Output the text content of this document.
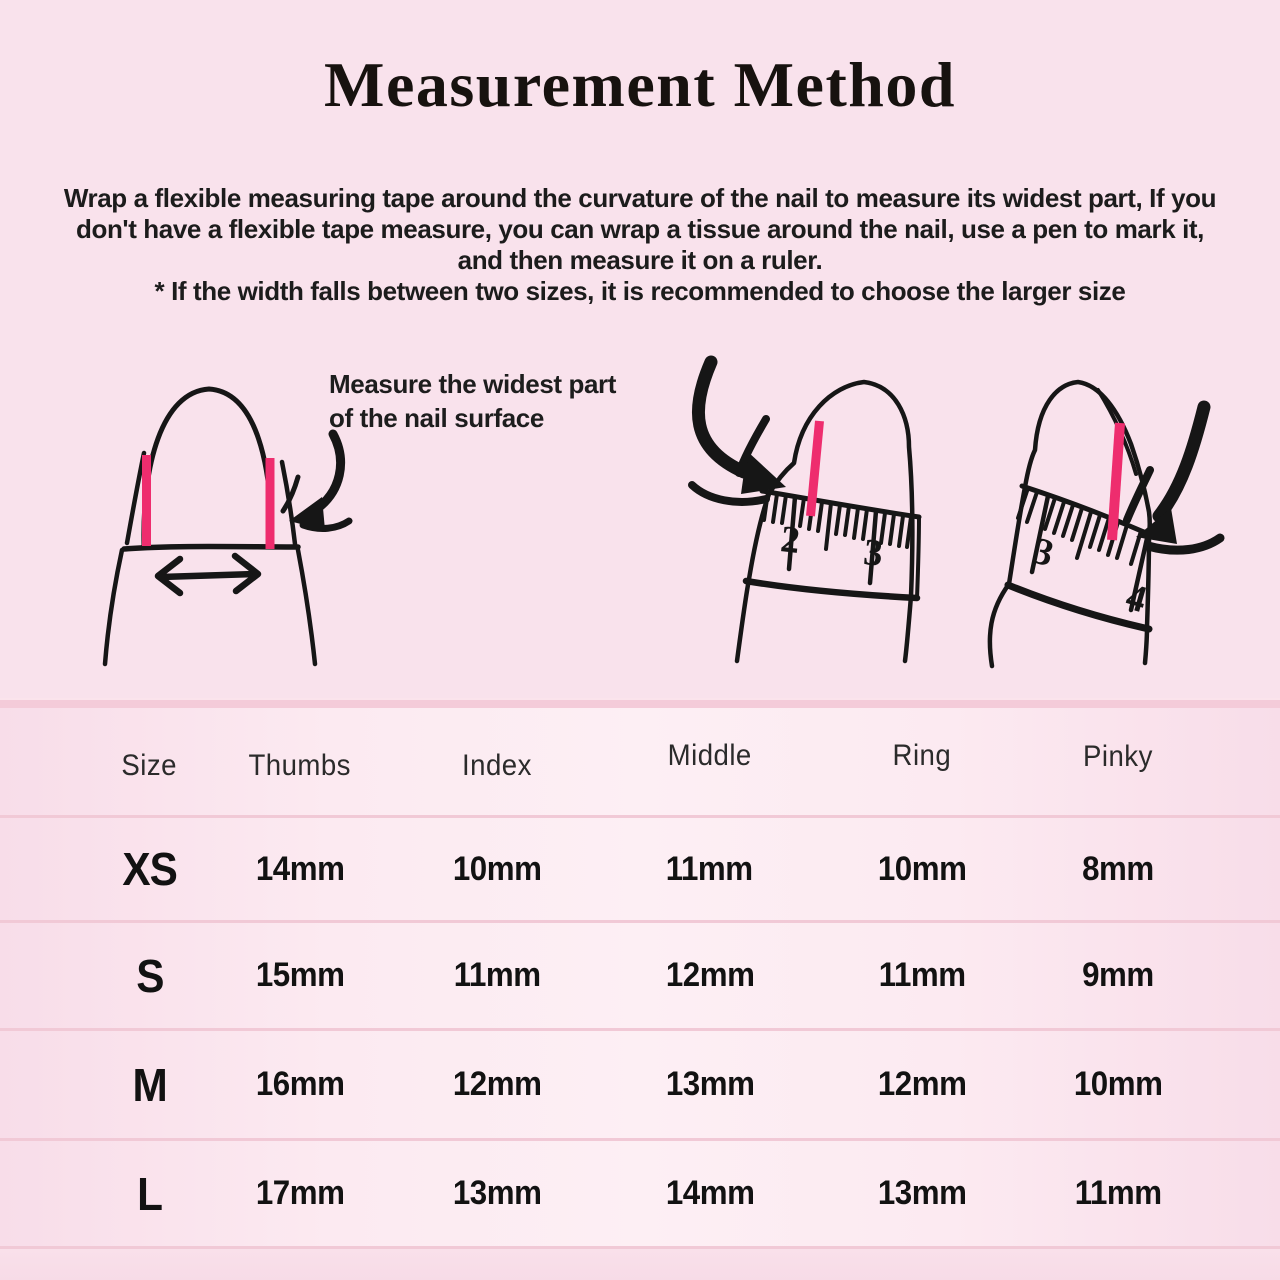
Measurement Method
Wrap a flexible measuring tape around the curvature of the nail to measure its widest part, If you
don't have a flexible tape measure, you can wrap a tissue around the nail, use a pen to mark it,
and then measure it on a ruler.
* If the width falls between two sizes, it is recommended to choose the larger size
Measure the widest part
of the nail surface
2 3	3
4
Size	Thumbs	Index	Middle	Ring	Pinky
XS	14mm	10mm	11mm	10mm	8mm
S	15mm	11mm	12mm	11mm	9mm
M	16mm	12mm	13mm	12mm	10mm
L	17mm	13mm	14mm	13mm	11mm
